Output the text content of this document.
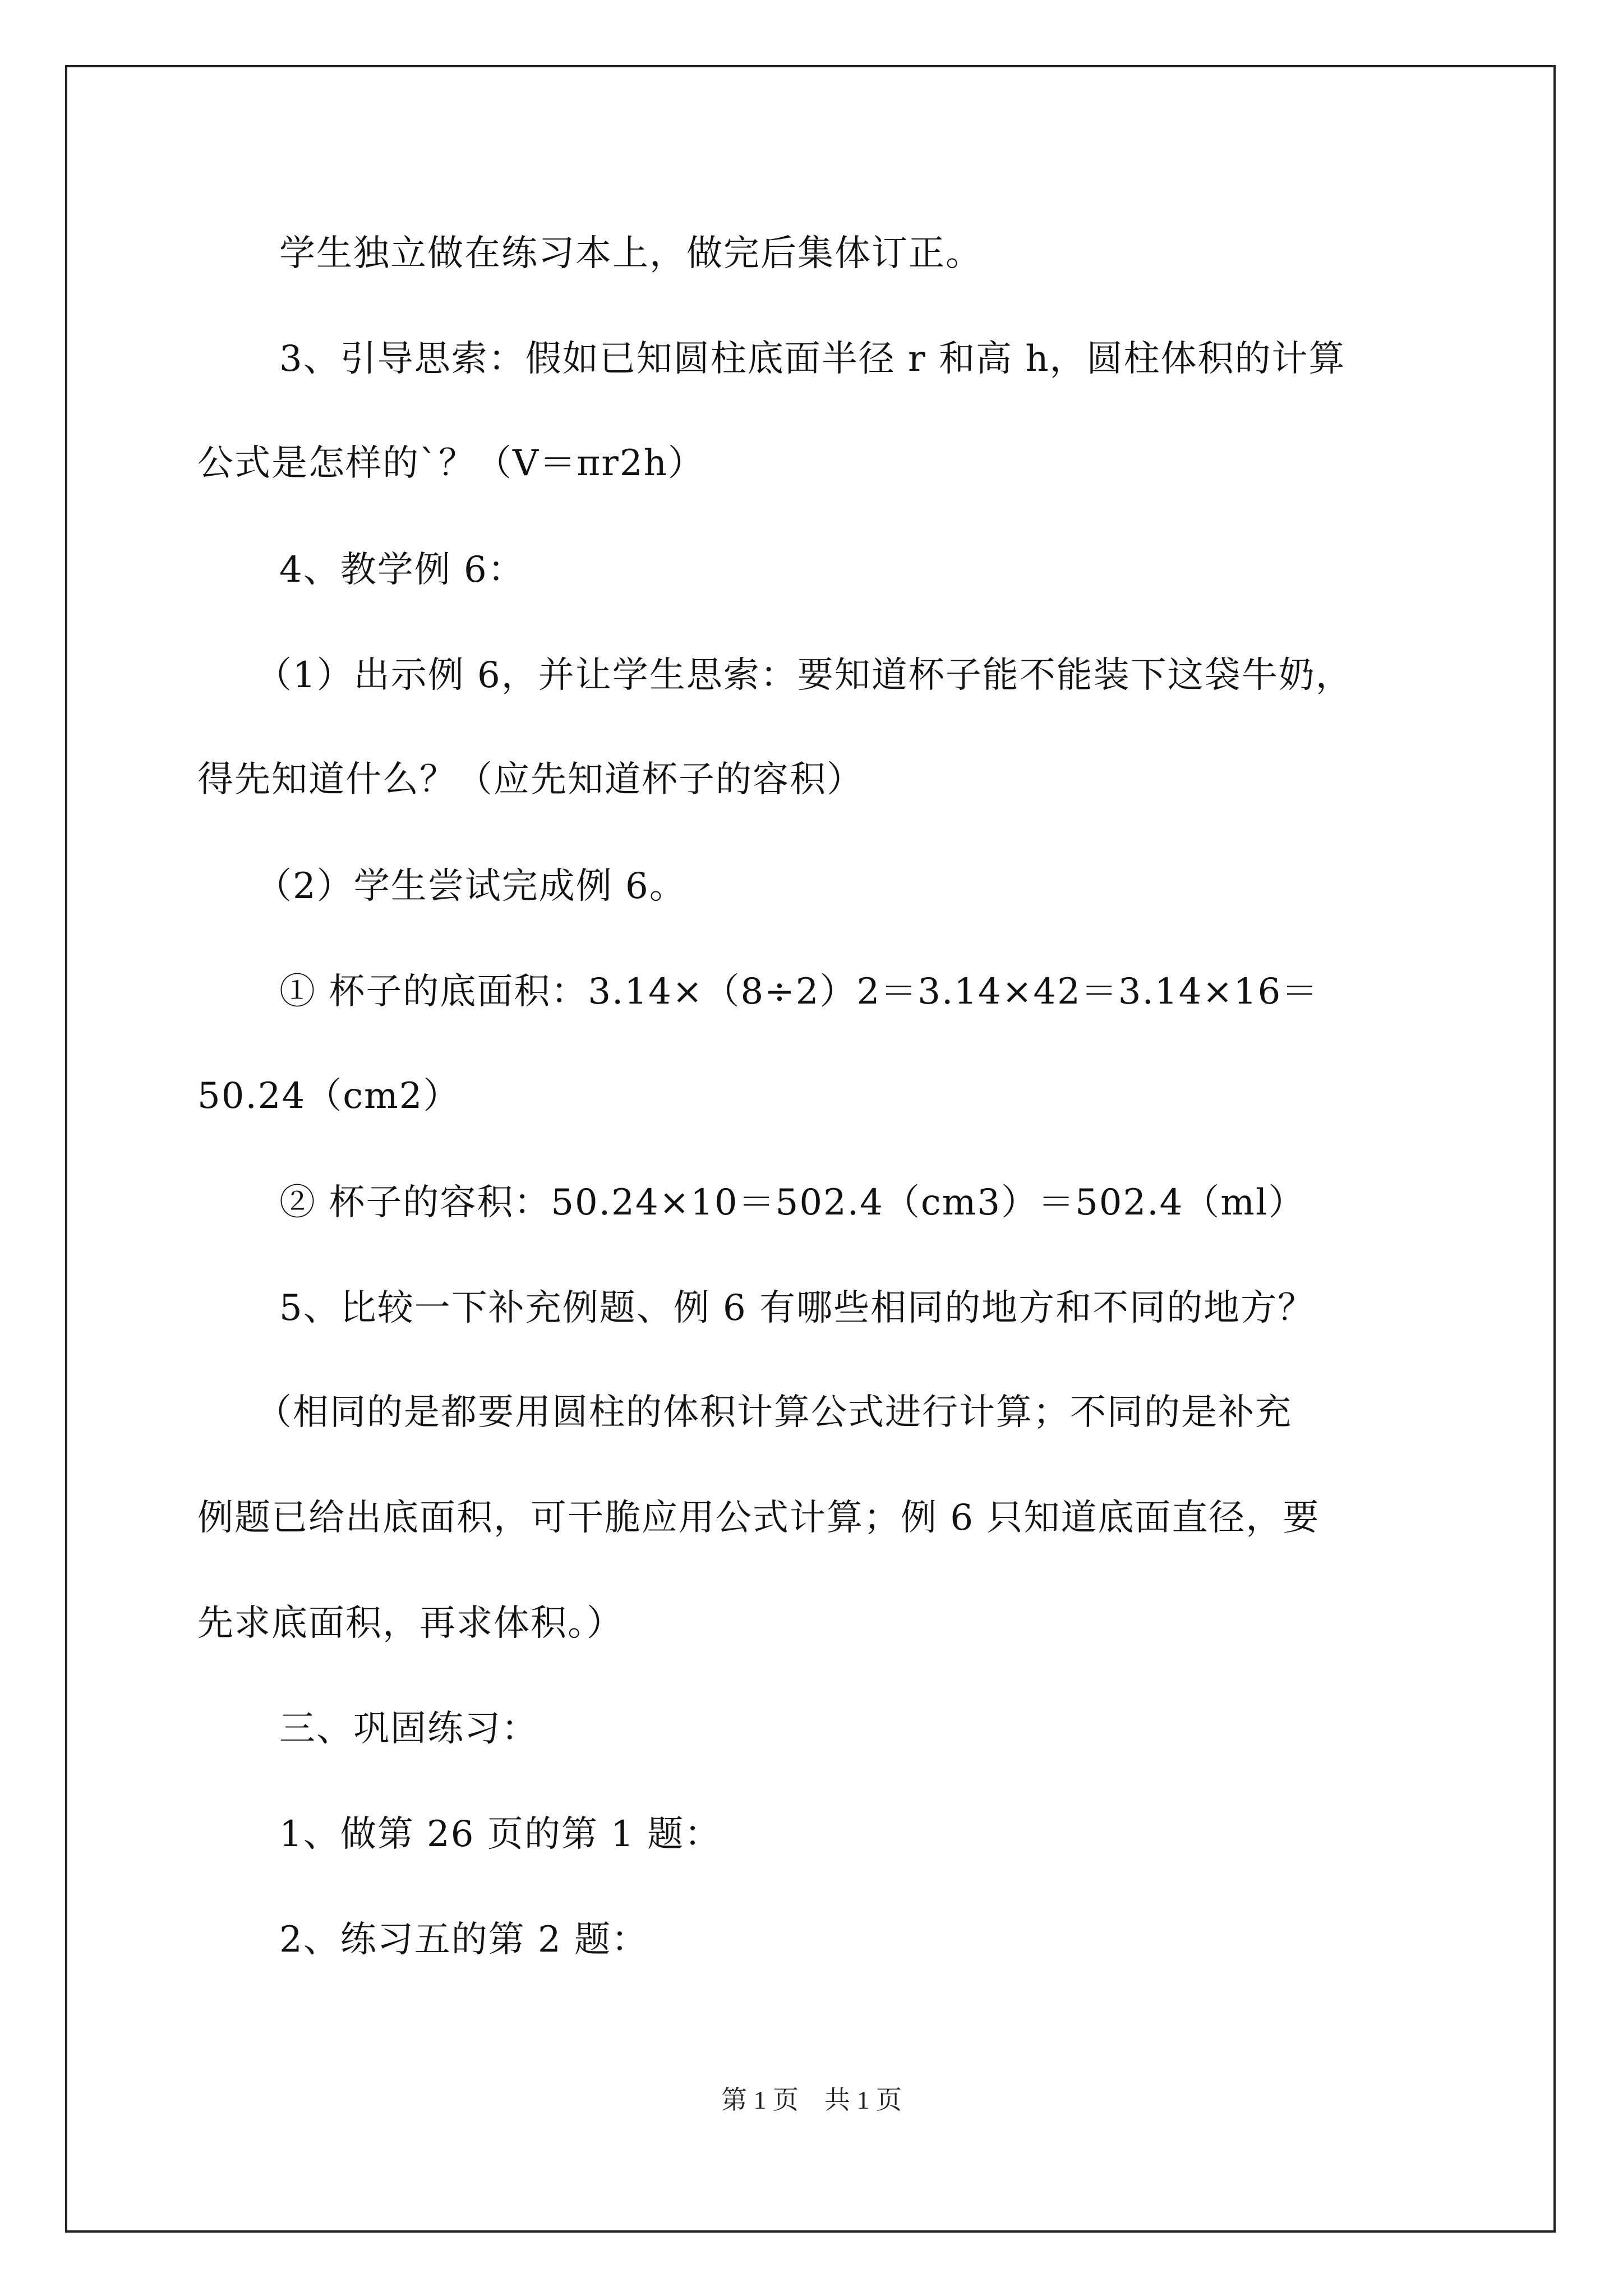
学生独立做在练习本上，做完后集体订正。
3、引导思索：假如已知圆柱底面半径 r 和高 h，圆柱体积的计算
公式是怎样的`？（V＝πr2h）
4、教学例 6：
（1）出示例 6，并让学生思索：要知道杯子能不能装下这袋牛奶，
得先知道什么？（应先知道杯子的容积）
（2）学生尝试完成例 6。
① 杯子的底面积：3.14×（8÷2）2＝3.14×42＝3.14×16＝
50.24（cm2）
② 杯子的容积：50.24×10＝502.4（cm3）＝502.4（ml）
5、比较一下补充例题、例 6 有哪些相同的地方和不同的地方？
（相同的是都要用圆柱的体积计算公式进行计算；不同的是补充
例题已给出底面积，可干脆应用公式计算；例 6 只知道底面直径，要
先求底面积，再求体积。）
三、巩固练习：
1、做第 26 页的第 1 题：
2、练习五的第 2 题：
第 1 页 共 1 页
